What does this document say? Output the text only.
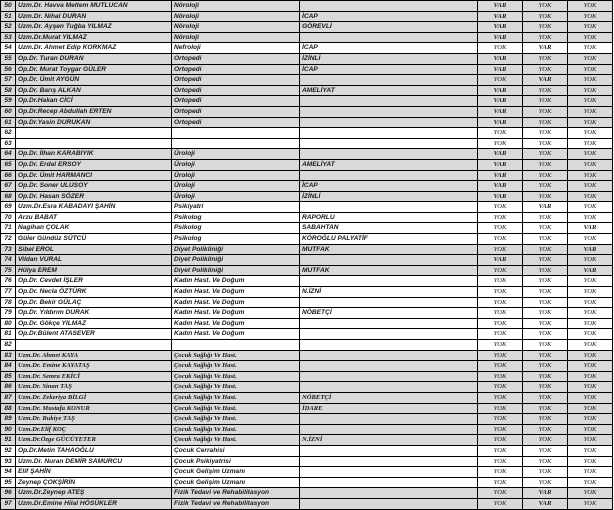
50	Uzm.Dr. Havva Meltem MUTLUCAN	Nöroloji		VAR	YOK	YOK
51	Uzm.Dr. Nihal DURAN	Nöroloji	İCAP	VAR	YOK	YOK
52	Uzm.Dr. Ayşen Tuğba YILMAZ	Nöroloji	GÖREVLİ	VAR	YOK	YOK
53	Uzm.Dr.Murat YILMAZ	Nöroloji		VAR	YOK	YOK
54	Uzm.Dr. Ahmet Edip KORKMAZ	Nefroloji	İCAP	YOK	VAR	YOK
55	Op.Dr. Turan DURAN	Ortopedi	İZİNLİ	VAR	YOK	YOK
56	Op.Dr. Murat Toygar GÜLER	Ortopedi	İCAP	VAR	YOK	YOK
57	Op.Dr. Ümit AYGÜN	Ortopedi		YOK	VAR	YOK
58	Op.Dr. Barış ALKAN	Ortopedi	AMELİYAT	VAR	YOK	YOK
59	Op.Dr.Hakan CİCİ	Ortopedi		VAR	YOK	YOK
60	Op.Dr.Recep Abdullah ERTEN	Ortopedi		VAR	YOK	YOK
61	Op.Dr.Yasin DURUKAN	Ortopedi		VAR	YOK	YOK
62				YOK	YOK	YOK
63				YOK	YOK	YOK
64	Op.Dr. İlhan KARABIYIK	Üroloji		VAR	YOK	YOK
65	Op.Dr. Erdal ERSOY	Üroloji	AMELİYAT	VAR	YOK	YOK
66	Op.Dr. Ümit HARMANCI	Üroloji		VAR	YOK	YOK
67	Op.Dr. Soner ULUSOY	Üroloji	İCAP	VAR	YOK	YOK
68	Op.Dr. Hasan SÖZER	Üroloji	İZİNLİ	VAR	YOK	YOK
69	Uzm.Dr.Esra KABADAYI ŞAHİN	Psikiyatri		YOK	VAR	YOK
70	Arzu BABAT	Psikolog	RAPORLU	YOK	YOK	YOK
71	Nagihan ÇOLAK	Psikolog	SABAHTAN	YOK	YOK	VAR
72	Güler Gündüz SÜTCÜ	Psikolog	KÖROĞLU PALYATİF	YOK	YOK	YOK
73	Sibel EROL	Diyet Polikliniği	MUTFAK	YOK	YOK	VAR
74	Vildan VURAL	Diyet Polikliniği		VAR	YOK	YOK
75	Hülya EREM	Diyet Polikliniği	MUTFAK	YOK	YOK	VAR
76	Op.Dr. Cevdet İŞLER	Kadın Hast. Ve Doğum		YOK	YOK	YOK
77	Op.Dr. Necla ÖZTÜRK	Kadın Hast. Ve Doğum	N.İZNİ	YOK	YOK	YOK
78	Op.Dr. Bekir GÜLAÇ	Kadın Hast. Ve Doğum		YOK	YOK	YOK
79	Op.Dr. Yıldırım DURAK	Kadın Hast. Ve Doğum	NÖBETÇİ	YOK	YOK	YOK
80	Op.Dr. Gökçe YILMAZ	Kadın Hast. Ve Doğum		YOK	YOK	YOK
81	Op.Dr.Bülent ATASEVER	Kadın Hast. Ve Doğum		YOK	YOK	YOK
82				YOK	YOK	YOK
83	Uzm.Dr. Ahmet KAYA	Çocuk Sağlığı Ve Hast.		YOK	YOK	YOK
84	Uzm.Dr. Emine KAYATAŞ	Çocuk Sağlığı Ve Hast.		YOK	YOK	YOK
85	Uzm.Dr. Semra EKİCİ	Çocuk Sağlığı Ve Hast.		YOK	YOK	YOK
86	Uzm.Dr. Sinan TAŞ	Çocuk Sağlığı Ve Hast.		YOK	YOK	YOK
87	Uzm.Dr. Zekeriya BİLGİ	Çocuk Sağlığı Ve Hast.	NÖBETÇİ	YOK	YOK	YOK
88	Uzm.Dr. Mustafa KONUR	Çocuk Sağlığı Ve Hast.	İDARE	YOK	YOK	YOK
89	Uzm.Dr. Rukiye TAŞ	Çocuk Sağlığı Ve Hast.		YOK	YOK	YOK
90	Uzm.Dr.Elif KOÇ	Çocuk Sağlığı Ve Hast.		YOK	YOK	YOK
91	Uzm.Dr.Özge GÜCÜYETER	Çocuk Sağlığı Ve Hast.	N.İZNİ	YOK	YOK	YOK
92	Op.Dr.Metin TAHAOĞLU	Çocuk Cerrahisi		YOK	YOK	YOK
93	Uzm.Dr. Nuran DEMİR SAMURCU	Çocuk Psikiyatrisi		YOK	YOK	YOK
94	Elif ŞAHİN	Çocuk Gelişim Uzmanı		YOK	YOK	YOK
95	Zeynep ÇOKŞİRİN	Çocuk Gelişim Uzmanı		YOK	YOK	YOK
96	Uzm.Dr.Zeynep ATEŞ	Fizik Tedavi ve Rehabilitasyon		YOK	VAR	YOK
97	Uzm.Dr.Emine Hilal HÖSÜKLER	Fizik Tedavi ve Rehabilitasyon		YOK	VAR	YOK
